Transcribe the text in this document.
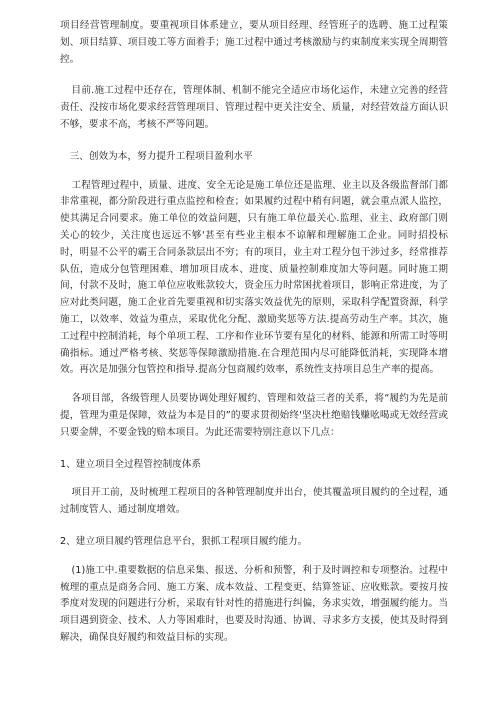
项目经营管理制度。要重视项目体系建立，要从项目经理、经管班子的选聘、施工过程策划、项目结算、项目竣工等方面着手；施工过程中通过考核激励与约束制度来实现全周期管控。

目前.施工过程中还存在，管理体制、机制不能完全适应市场化运作，未建立完善的经营责任、没按市场化要求经营管理项目、管理过程中更关注安全、质量，对经营效益方面认识不够，要求不高，考核不严等问题。

三、创效为本，努力提升工程项目盈利水平

工程管理过程中，质量、进度、安全无论是施工单位还是监理、业主以及各级监督部门都非常重视，都分阶段进行重点监控和检查；如果履约过程中稍有问题，就会重点派人监控，使其满足合同要求。施工单位的效益问题，只有施工单位最关心.监理、业主、政府部门则关心的较少，关注度也远远不够'甚至有些业主根本不谅解和理解施工企业。同时招投标时，明显不公平的霸王合同条款层出不穷；有的项目，业主对工程分包干涉过多，经常推荐队伍，造成分包管理困难、增加项目成本、进度、质量控制难度加大等问题。同时施工期间，付款不及时，施工单位应收账款较大，资金压力时常困扰着项目，影响正常进度，为了应对此类问题，施工企业首先要重视和切实落实效益优先的原则，采取科学配置资源，科学施工，以效率、效益为重点，采取优化分配、激励奖惩等方法.提高劳动生产率。其次，施工过程中控制消耗，每个单项工程、工序和作业环节要有星化的材料、能源和所需工时等明确指标。通过严格考核、奖惩等保障激励措施.在合理范围内尽可能降低消耗，实现降本增效。再次是加强分包管控和指导.提高分包商履约效率，系统性支持项目总生产率的提高。

各项目部，各级管理人员要协调处理好履约、管理和效益三者的关系，将“履约为先是前提，管理为重是保障，效益为本是目的”的要求贯彻始终'坚决杜绝赔钱赚吆喝或无效经营或只要金牌，不要金钱的赔本项目。为此还需要特别注意以下几点：

1、建立项目全过程管控制度体系

项目开工前，及时梳理工程项目的各种管理制度并出台，使其覆盖项目履约的全过程，通过制度管人、通过制度增效。

2、建立项目履约管理信息平台，狠抓工程项目履约能力。

(1)施工中.重要数据的信息采集、报送、分析和预警，利于及时调控和专项整治。过程中梳理的重点是商务合同、施工方案、成本效益、工程变更、结算签证、应收账款。要按月按季度对发现的问题进行分析，采取有针对性的措施进行纠偏，务求实效，增强履约能力。当项目遇到资金、技术、人力等困难时，也要及时沟通、协调、寻求多方支援，使其及时得到解决，确保良好履约和效益目标的实现。
